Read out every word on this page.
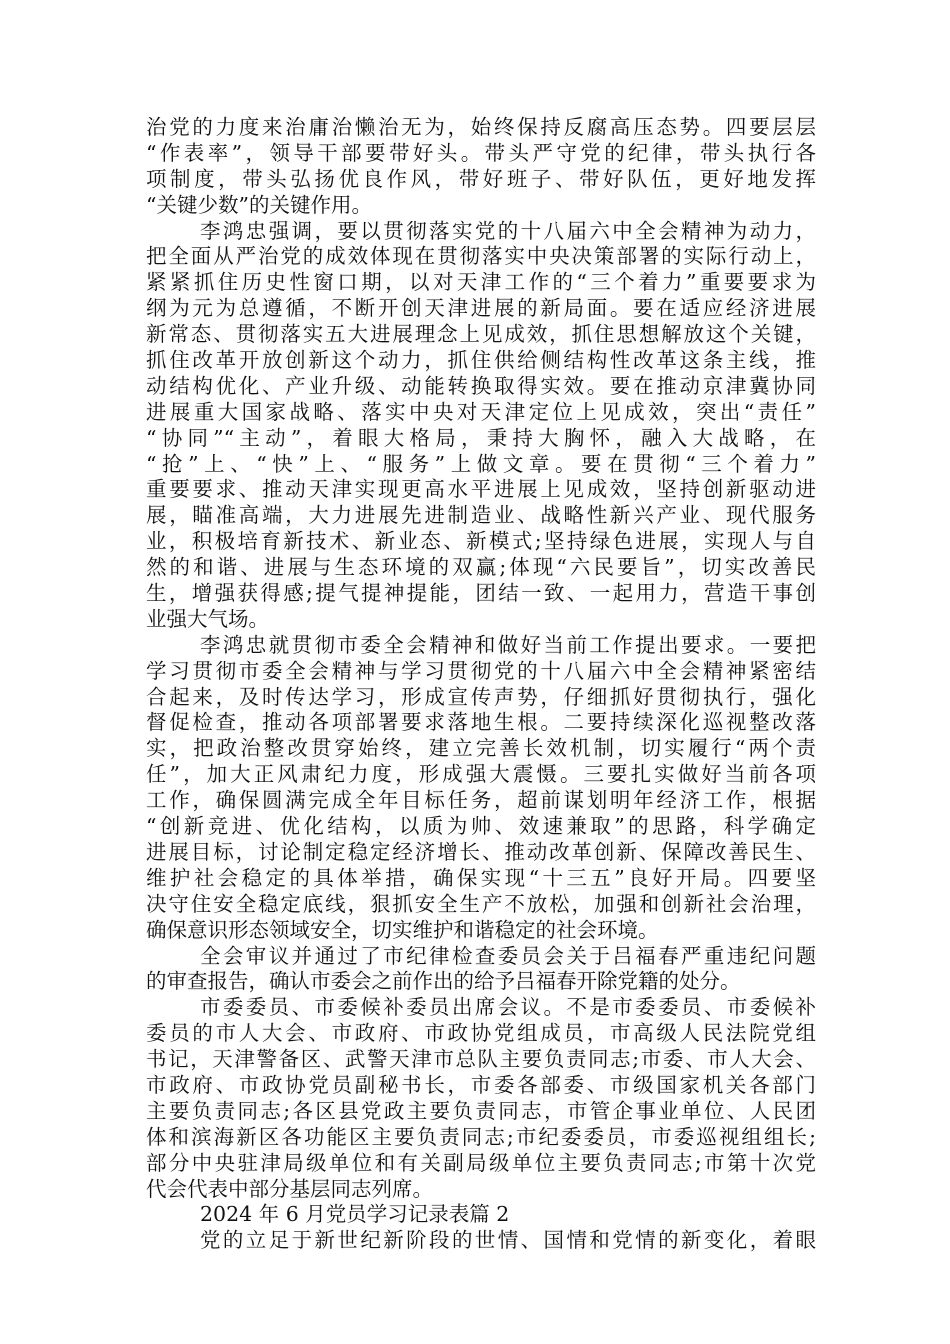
治党的力度来治庸治懒治无为，始终保持反腐高压态势。四要层层
“作表率”，领导干部要带好头。带头严守党的纪律，带头执行各
项制度，带头弘扬优良作风，带好班子、带好队伍，更好地发挥
“关键少数”的关键作用。
李鸿忠强调，要以贯彻落实党的十八届六中全会精神为动力，
把全面从严治党的成效体现在贯彻落实中央决策部署的实际行动上，
紧紧抓住历史性窗口期，以对天津工作的“三个着力”重要要求为
纲为元为总遵循，不断开创天津进展的新局面。要在适应经济进展
新常态、贯彻落实五大进展理念上见成效，抓住思想解放这个关键，
抓住改革开放创新这个动力，抓住供给侧结构性改革这条主线，推
动结构优化、产业升级、动能转换取得实效。要在推动京津冀协同
进展重大国家战略、落实中央对天津定位上见成效，突出“责任”
“协同”“主动”，着眼大格局，秉持大胸怀，融入大战略，在
“抢”上、“快”上、“服务”上做文章。要在贯彻“三个着力”
重要要求、推动天津实现更高水平进展上见成效，坚持创新驱动进
展，瞄准高端，大力进展先进制造业、战略性新兴产业、现代服务
业，积极培育新技术、新业态、新模式;坚持绿色进展，实现人与自
然的和谐、进展与生态环境的双赢;体现“六民要旨”，切实改善民
生，增强获得感;提气提神提能，团结一致、一起用力，营造干事创
业强大气场。
李鸿忠就贯彻市委全会精神和做好当前工作提出要求。一要把
学习贯彻市委全会精神与学习贯彻党的十八届六中全会精神紧密结
合起来，及时传达学习，形成宣传声势，仔细抓好贯彻执行，强化
督促检查，推动各项部署要求落地生根。二要持续深化巡视整改落
实，把政治整改贯穿始终，建立完善长效机制，切实履行“两个责
任”，加大正风肃纪力度，形成强大震慑。三要扎实做好当前各项
工作，确保圆满完成全年目标任务，超前谋划明年经济工作，根据
“创新竞进、优化结构，以质为帅、效速兼取”的思路，科学确定
进展目标，讨论制定稳定经济增长、推动改革创新、保障改善民生、
维护社会稳定的具体举措，确保实现“十三五”良好开局。四要坚
决守住安全稳定底线，狠抓安全生产不放松，加强和创新社会治理，
确保意识形态领域安全，切实维护和谐稳定的社会环境。
全会审议并通过了市纪律检查委员会关于吕福春严重违纪问题
的审查报告，确认市委会之前作出的给予吕福春开除党籍的处分。
市委委员、市委候补委员出席会议。不是市委委员、市委候补
委员的市人大会、市政府、市政协党组成员，市高级人民法院党组
书记，天津警备区、武警天津市总队主要负责同志;市委、市人大会、
市政府、市政协党员副秘书长，市委各部委、市级国家机关各部门
主要负责同志;各区县党政主要负责同志，市管企事业单位、人民团
体和滨海新区各功能区主要负责同志;市纪委委员，市委巡视组组长;
部分中央驻津局级单位和有关副局级单位主要负责同志;市第十次党
代会代表中部分基层同志列席。
2024 年 6 月党员学习记录表篇 2
党的立足于新世纪新阶段的世情、国情和党情的新变化，着眼
